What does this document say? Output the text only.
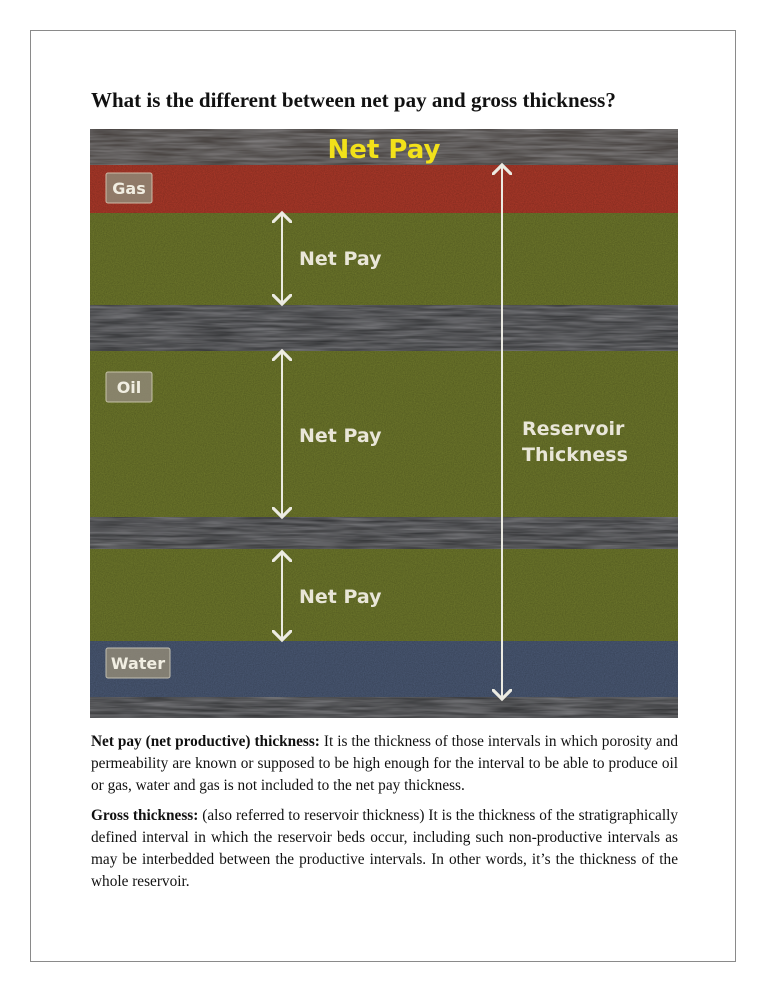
What is the different between net pay and gross thickness?
Net Pay
Gas
Oil
Water
Net Pay
Net Pay
Net Pay
Reservoir
Thickness

Net pay (net productive) thickness: It is the thickness of those intervals in which porosity and permeability are known or supposed to be high enough for the interval to be able to produce oil or gas, water and gas is not included to the net pay thickness.

Gross thickness: (also referred to reservoir thickness) It is the thickness of the stratigraphically defined interval in which the reservoir beds occur, including such non-productive intervals as may be interbedded between the productive intervals. In other words, it’s the thickness of the whole reservoir.
